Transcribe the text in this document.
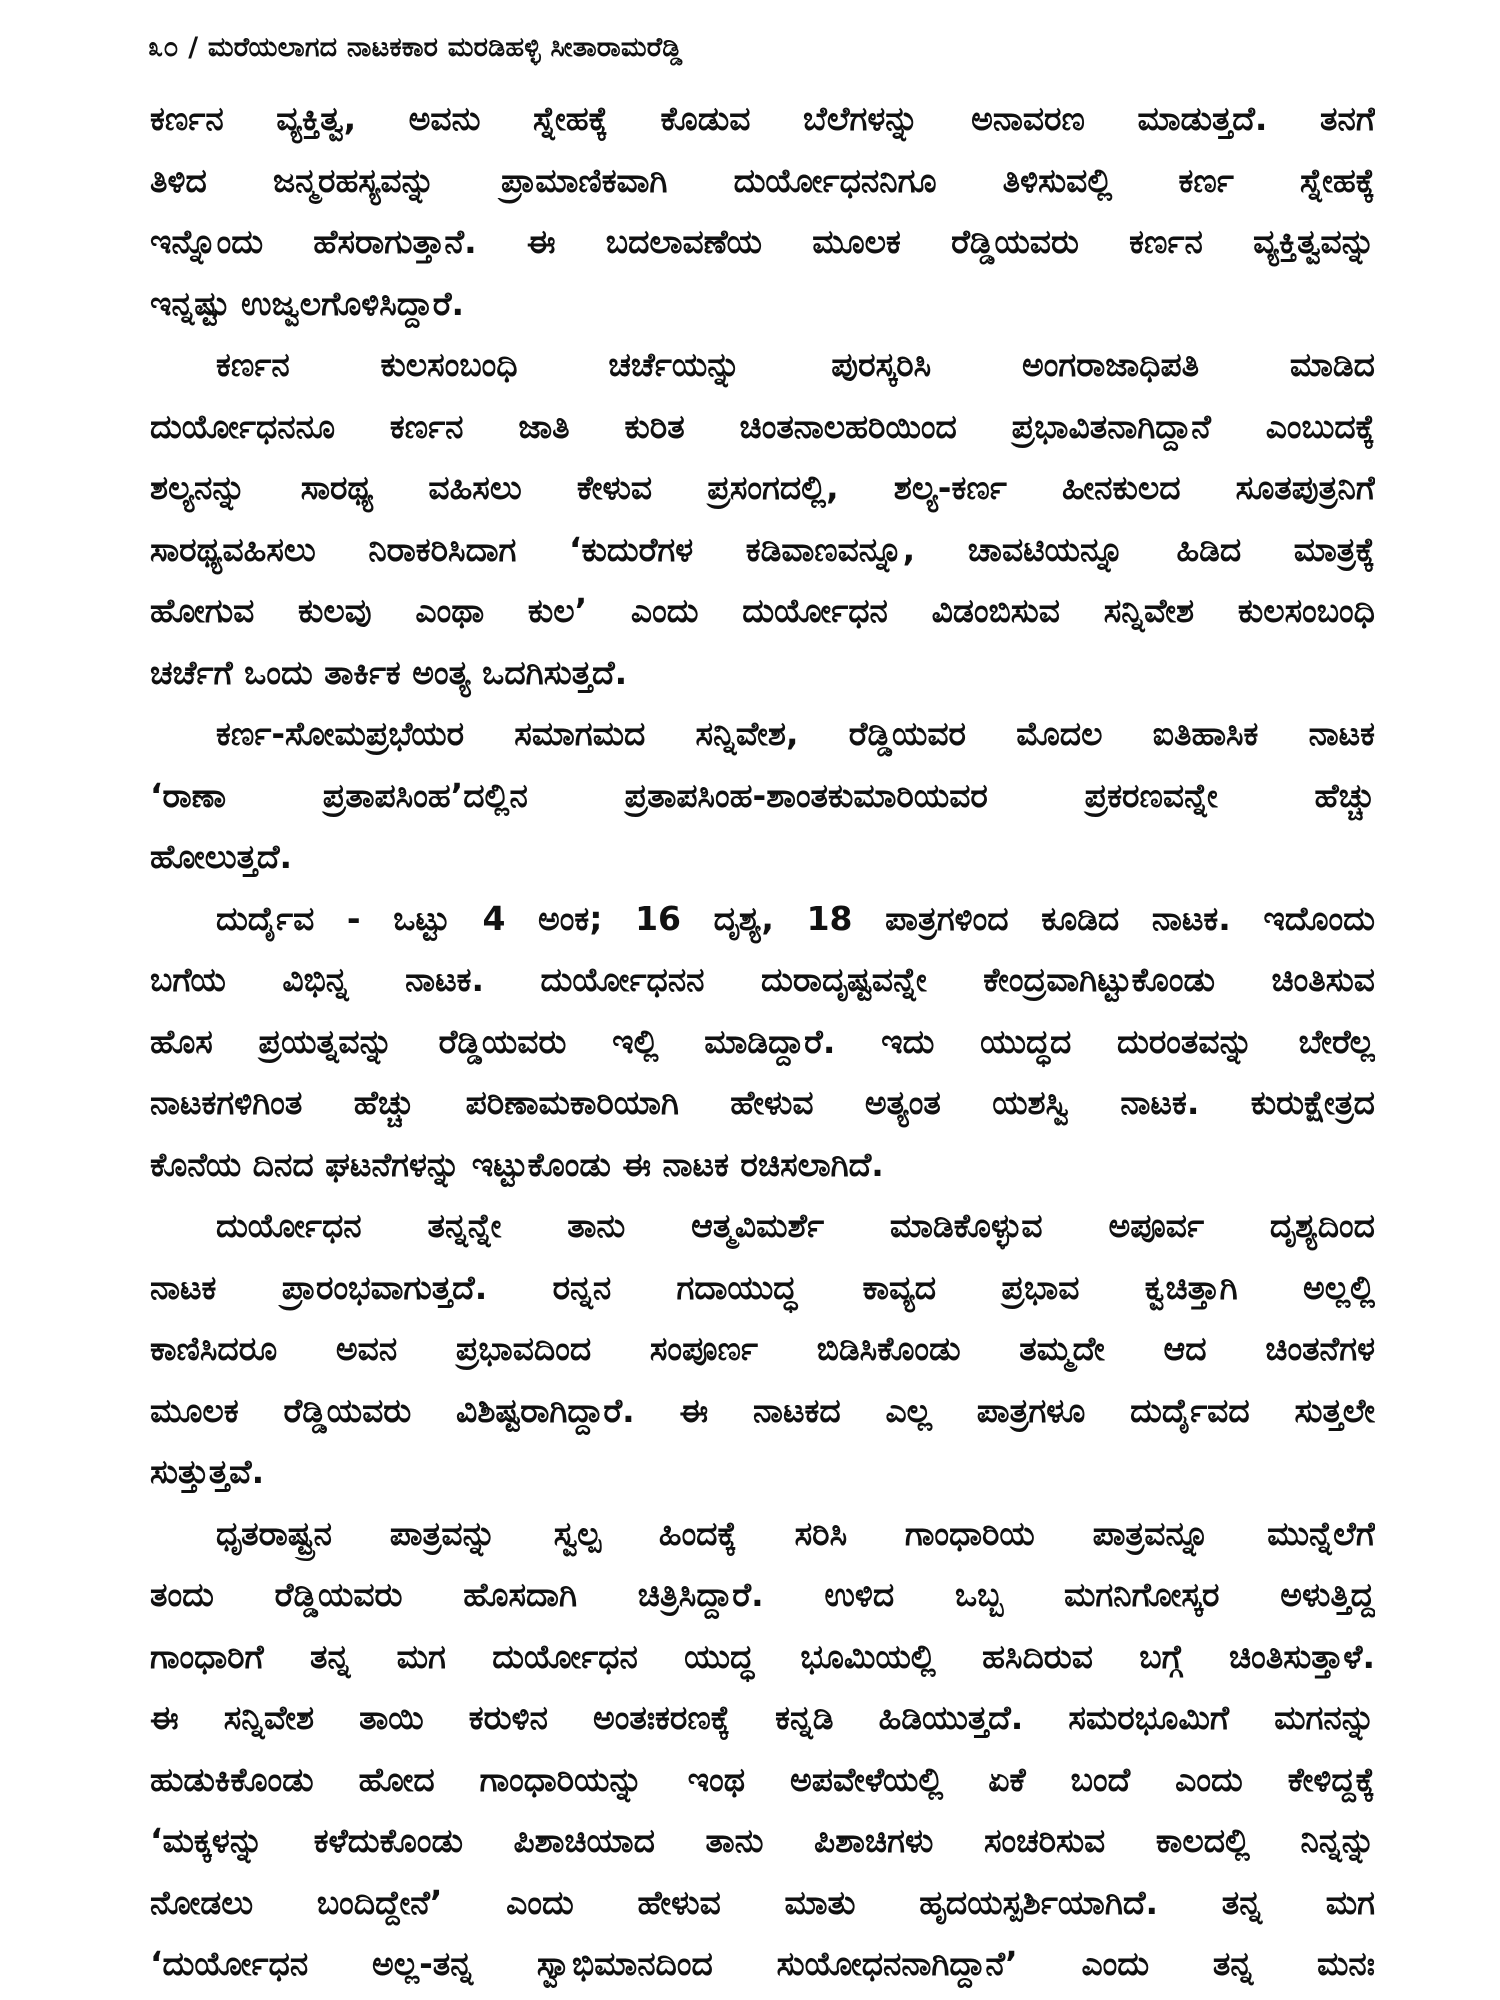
೩೦ / ಮರೆಯಲಾಗದ ನಾಟಕಕಾರ ಮರಡಿಹಳ್ಳಿ ಸೀತಾರಾಮರೆಡ್ಡಿ
ಕರ್ಣನ ವ್ಯಕ್ತಿತ್ವ, ಅವನು ಸ್ನೇಹಕ್ಕೆ ಕೊಡುವ ಬೆಲೆಗಳನ್ನು ಅನಾವರಣ ಮಾಡುತ್ತದೆ. ತನಗೆ
ತಿಳಿದ ಜನ್ಮರಹಸ್ಯವನ್ನು ಪ್ರಾಮಾಣಿಕವಾಗಿ ದುರ್ಯೋಧನನಿಗೂ ತಿಳಿಸುವಲ್ಲಿ ಕರ್ಣ ಸ್ನೇಹಕ್ಕೆ
ಇನ್ನೊಂದು ಹೆಸರಾಗುತ್ತಾನೆ. ಈ ಬದಲಾವಣೆಯ ಮೂಲಕ ರೆಡ್ಡಿಯವರು ಕರ್ಣನ ವ್ಯಕ್ತಿತ್ವವನ್ನು
ಇನ್ನಷ್ಟು ಉಜ್ವಲಗೊಳಿಸಿದ್ದಾರೆ.
ಕರ್ಣನ ಕುಲಸಂಬಂಧಿ ಚರ್ಚೆಯನ್ನು ಪುರಸ್ಕರಿಸಿ ಅಂಗರಾಜಾಧಿಪತಿ ಮಾಡಿದ
ದುರ್ಯೋಧನನೂ ಕರ್ಣನ ಜಾತಿ ಕುರಿತ ಚಿಂತನಾಲಹರಿಯಿಂದ ಪ್ರಭಾವಿತನಾಗಿದ್ದಾನೆ ಎಂಬುದಕ್ಕೆ
ಶಲ್ಯನನ್ನು ಸಾರಥ್ಯ ವಹಿಸಲು ಕೇಳುವ ಪ್ರಸಂಗದಲ್ಲಿ, ಶಲ್ಯ-ಕರ್ಣ ಹೀನಕುಲದ ಸೂತಪುತ್ರನಿಗೆ
ಸಾರಥ್ಯವಹಿಸಲು ನಿರಾಕರಿಸಿದಾಗ ‘ಕುದುರೆಗಳ ಕಡಿವಾಣವನ್ನೂ, ಚಾವಟಿಯನ್ನೂ ಹಿಡಿದ ಮಾತ್ರಕ್ಕೆ
ಹೋಗುವ ಕುಲವು ಎಂಥಾ ಕುಲ’ ಎಂದು ದುರ್ಯೋಧನ ವಿಡಂಬಿಸುವ ಸನ್ನಿವೇಶ ಕುಲಸಂಬಂಧಿ
ಚರ್ಚೆಗೆ ಒಂದು ತಾರ್ಕಿಕ ಅಂತ್ಯ ಒದಗಿಸುತ್ತದೆ.
ಕರ್ಣ-ಸೋಮಪ್ರಭೆಯರ ಸಮಾಗಮದ ಸನ್ನಿವೇಶ, ರೆಡ್ಡಿಯವರ ಮೊದಲ ಐತಿಹಾಸಿಕ ನಾಟಕ
‘ರಾಣಾ ಪ್ರತಾಪಸಿಂಹ’ದಲ್ಲಿನ ಪ್ರತಾಪಸಿಂಹ-ಶಾಂತಕುಮಾರಿಯವರ ಪ್ರಕರಣವನ್ನೇ ಹೆಚ್ಚು
ಹೋಲುತ್ತದೆ.
ದುರ್ದೈವ - ಒಟ್ಟು 4 ಅಂಕ; 16 ದೃಶ್ಯ, 18 ಪಾತ್ರಗಳಿಂದ ಕೂಡಿದ ನಾಟಕ. ಇದೊಂದು
ಬಗೆಯ ವಿಭಿನ್ನ ನಾಟಕ. ದುರ್ಯೋಧನನ ದುರಾದೃಷ್ಟವನ್ನೇ ಕೇಂದ್ರವಾಗಿಟ್ಟುಕೊಂಡು ಚಿಂತಿಸುವ
ಹೊಸ ಪ್ರಯತ್ನವನ್ನು ರೆಡ್ಡಿಯವರು ಇಲ್ಲಿ ಮಾಡಿದ್ದಾರೆ. ಇದು ಯುದ್ಧದ ದುರಂತವನ್ನು ಬೇರೆಲ್ಲ
ನಾಟಕಗಳಿಗಿಂತ ಹೆಚ್ಚು ಪರಿಣಾಮಕಾರಿಯಾಗಿ ಹೇಳುವ ಅತ್ಯಂತ ಯಶಸ್ವಿ ನಾಟಕ. ಕುರುಕ್ಷೇತ್ರದ
ಕೊನೆಯ ದಿನದ ಘಟನೆಗಳನ್ನು ಇಟ್ಟುಕೊಂಡು ಈ ನಾಟಕ ರಚಿಸಲಾಗಿದೆ.
ದುರ್ಯೋಧನ ತನ್ನನ್ನೇ ತಾನು ಆತ್ಮವಿಮರ್ಶೆ ಮಾಡಿಕೊಳ್ಳುವ ಅಪೂರ್ವ ದೃಶ್ಯದಿಂದ
ನಾಟಕ ಪ್ರಾರಂಭವಾಗುತ್ತದೆ. ರನ್ನನ ಗದಾಯುದ್ಧ ಕಾವ್ಯದ ಪ್ರಭಾವ ಕ್ವಚಿತ್ತಾಗಿ ಅಲ್ಲಲ್ಲಿ
ಕಾಣಿಸಿದರೂ ಅವನ ಪ್ರಭಾವದಿಂದ ಸಂಪೂರ್ಣ ಬಿಡಿಸಿಕೊಂಡು ತಮ್ಮದೇ ಆದ ಚಿಂತನೆಗಳ
ಮೂಲಕ ರೆಡ್ಡಿಯವರು ವಿಶಿಷ್ಟರಾಗಿದ್ದಾರೆ. ಈ ನಾಟಕದ ಎಲ್ಲ ಪಾತ್ರಗಳೂ ದುರ್ದೈವದ ಸುತ್ತಲೇ
ಸುತ್ತುತ್ತವೆ.
ಧೃತರಾಷ್ಟ್ರನ ಪಾತ್ರವನ್ನು ಸ್ವಲ್ಪ ಹಿಂದಕ್ಕೆ ಸರಿಸಿ ಗಾಂಧಾರಿಯ ಪಾತ್ರವನ್ನೂ ಮುನ್ನೆಲೆಗೆ
ತಂದು ರೆಡ್ಡಿಯವರು ಹೊಸದಾಗಿ ಚಿತ್ರಿಸಿದ್ದಾರೆ. ಉಳಿದ ಒಬ್ಬ ಮಗನಿಗೋಸ್ಕರ ಅಳುತ್ತಿದ್ದ
ಗಾಂಧಾರಿಗೆ ತನ್ನ ಮಗ ದುರ್ಯೋಧನ ಯುದ್ಧ ಭೂಮಿಯಲ್ಲಿ ಹಸಿದಿರುವ ಬಗ್ಗೆ ಚಿಂತಿಸುತ್ತಾಳೆ.
ಈ ಸನ್ನಿವೇಶ ತಾಯಿ ಕರುಳಿನ ಅಂತಃಕರಣಕ್ಕೆ ಕನ್ನಡಿ ಹಿಡಿಯುತ್ತದೆ. ಸಮರಭೂಮಿಗೆ ಮಗನನ್ನು
ಹುಡುಕಿಕೊಂಡು ಹೋದ ಗಾಂಧಾರಿಯನ್ನು ಇಂಥ ಅಪವೇಳೆಯಲ್ಲಿ ಏಕೆ ಬಂದೆ ಎಂದು ಕೇಳಿದ್ದಕ್ಕೆ
‘ಮಕ್ಕಳನ್ನು ಕಳೆದುಕೊಂಡು ಪಿಶಾಚಿಯಾದ ತಾನು ಪಿಶಾಚಿಗಳು ಸಂಚರಿಸುವ ಕಾಲದಲ್ಲಿ ನಿನ್ನನ್ನು
ನೋಡಲು ಬಂದಿದ್ದೇನೆ’ ಎಂದು ಹೇಳುವ ಮಾತು ಹೃದಯಸ್ಪರ್ಶಿಯಾಗಿದೆ. ತನ್ನ ಮಗ
‘ದುರ್ಯೋಧನ ಅಲ್ಲ-ತನ್ನ ಸ್ವಾಭಿಮಾನದಿಂದ ಸುಯೋಧನನಾಗಿದ್ದಾನೆ’ ಎಂದು ತನ್ನ ಮನಃ
